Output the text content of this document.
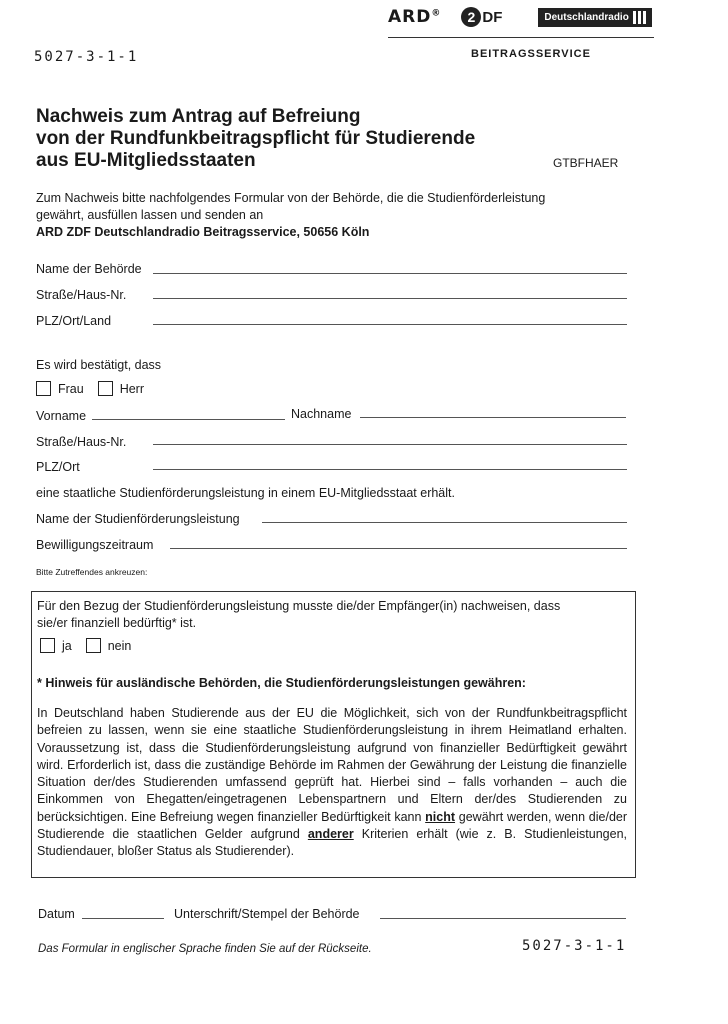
5027-3-1-1
ARD®	2 DF	Deutschlandradio
BEITRAGSSERVICE
Nachweis zum Antrag auf Befreiung
von der Rundfunkbeitragspflicht für Studierende
aus EU-Mitgliedsstaaten	GTBFHAER
Zum Nachweis bitte nachfolgendes Formular von der Behörde, die die Studienförderleistung
gewährt, ausfüllen lassen und senden an
ARD ZDF Deutschlandradio Beitragsservice, 50656 Köln
Name der Behörde
Straße/Haus-Nr.
PLZ/Ort/Land
Es wird bestätigt, dass
Frau	Herr
Vorname	Nachname
Straße/Haus-Nr.
PLZ/Ort
eine staatliche Studienförderungsleistung in einem EU-Mitgliedsstaat erhält.
Name der Studienförderungsleistung
Bewilligungszeitraum
Bitte Zutreffendes ankreuzen:
Für den Bezug der Studienförderungsleistung musste die/der Empfänger(in) nachweisen, dass
sie/er finanziell bedürftig* ist.
ja	nein
* Hinweis für ausländische Behörden, die Studienförderungsleistungen gewähren:
In Deutschland haben Studierende aus der EU die Möglichkeit, sich von der Rundfunkbeitragspflicht befreien zu lassen, wenn sie eine staatliche Studienförderungsleistung in ihrem Heimatland erhalten. Voraussetzung ist, dass die Studienförderungsleistung aufgrund von finanzieller Bedürftigkeit gewährt wird. Erforderlich ist, dass die zuständige Behörde im Rahmen der Gewährung der Leistung die finanzielle Situation der/des Studierenden umfassend geprüft hat. Hierbei sind – falls vorhanden – auch die Einkommen von Ehegatten/eingetragenen Lebenspartnern und Eltern der/des Studierenden zu berücksichtigen. Eine Befreiung wegen finanzieller Bedürftigkeit kann nicht gewährt werden, wenn die/der Studierende die staatlichen Gelder aufgrund anderer Kriterien erhält (wie z. B. Studienleistungen, Studiendauer, bloßer Status als Studierender).
Datum	Unterschrift/Stempel der Behörde
Das Formular in englischer Sprache finden Sie auf der Rückseite.	5027-3-1-1
